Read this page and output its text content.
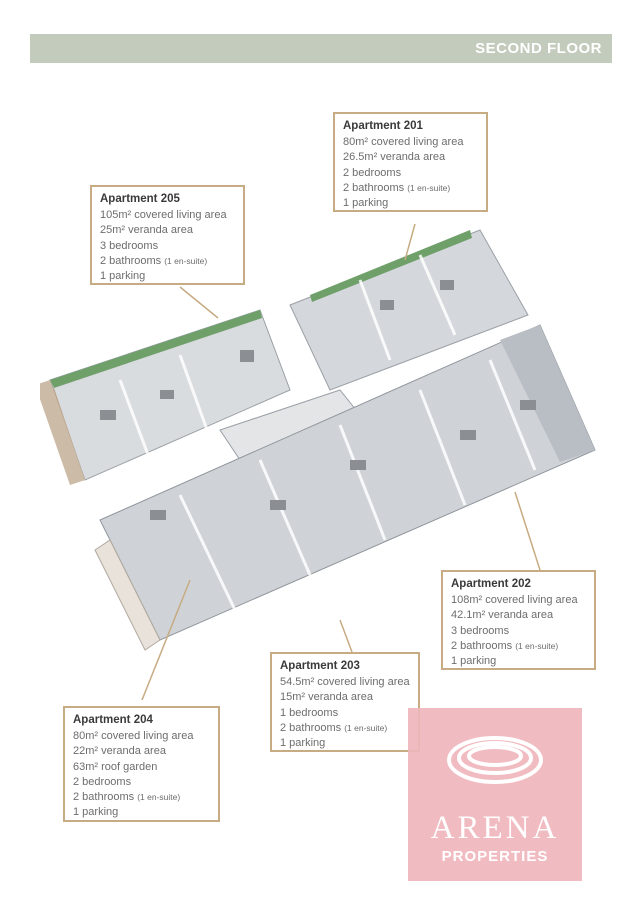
SECOND FLOOR
Apartment 201
80m² covered living area
26.5m² veranda area
2 bedrooms
2 bathrooms (1 en-suite)
1 parking
Apartment 205
105m² covered living area
25m² veranda area
3 bedrooms
2 bathrooms (1 en-suite)
1 parking
Apartment 202
108m² covered living area
42.1m² veranda area
3 bedrooms
2 bathrooms (1 en-suite)
1 parking
Apartment 203
54.5m² covered living area
15m² veranda area
1 bedrooms
2 bathrooms (1 en-suite)
1 parking
Apartment 204
80m² covered living area
22m² veranda area
63m² roof garden
2 bedrooms
2 bathrooms (1 en-suite)
1 parking	ARENA
PROPERTIES
